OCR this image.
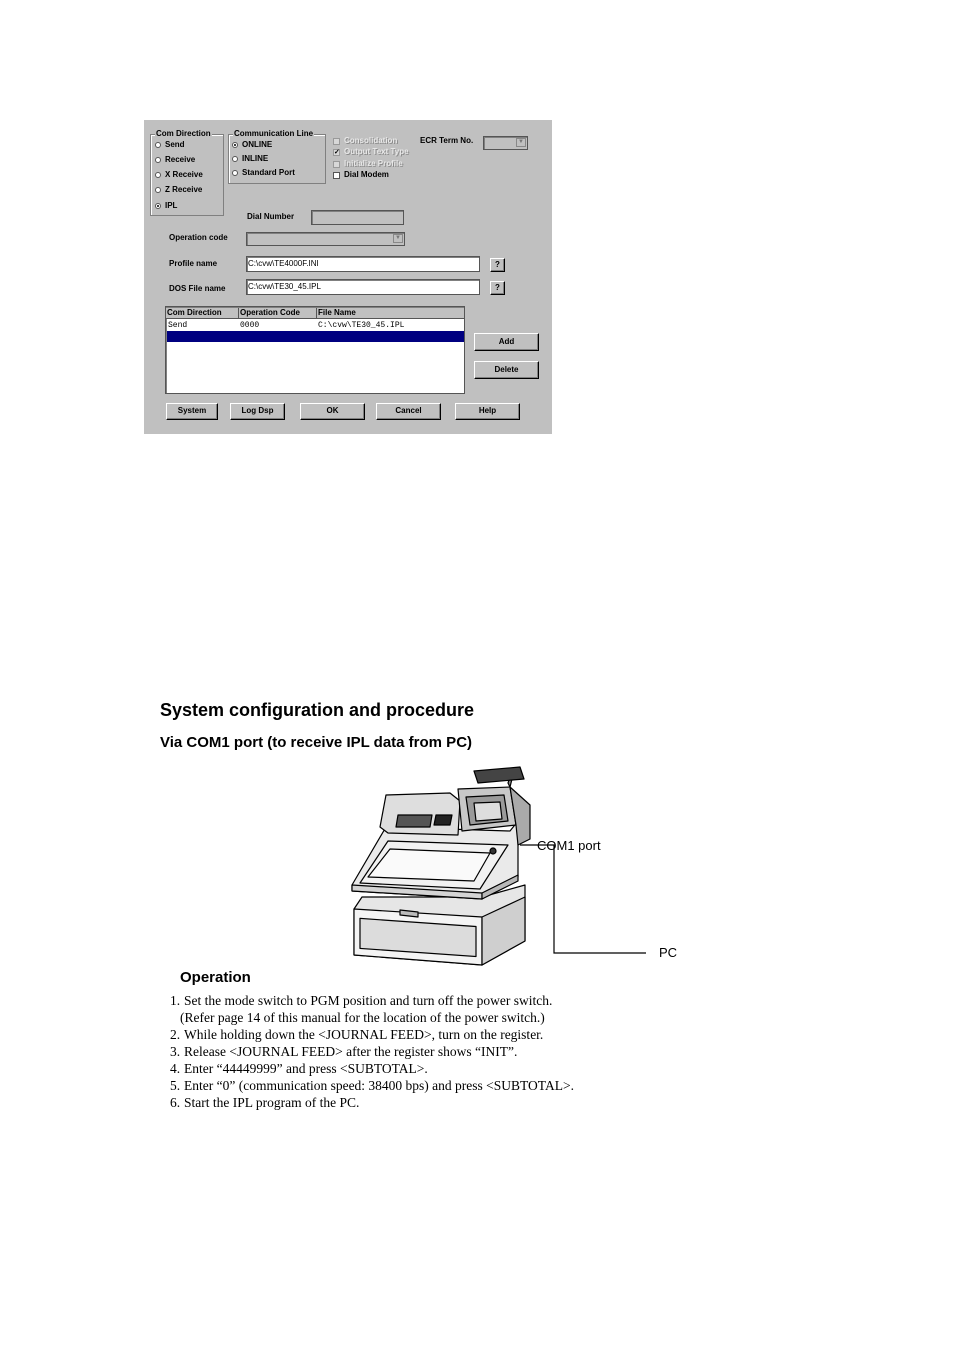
Com Direction
Send
Receive
X Receive
Z Receive
IPL
Communication Line
ONLINE
INLINE
Standard Port
Consolidation
✓ Output Text Type
Initialize Profile
Dial Modem
ECR Term No.	▼
Dial Number
Operation code	▼
Profile name	C:\cvw\TE4000F.INI	?
DOS File name	C:\cvw\TE30_45.IPL	?
Com Direction	Operation Code	File Name
Send	0000	C:\cvw\TE30_45.IPL
Add
Delete
System	Log Dsp	OK	Cancel	Help
System configuration and procedure
Via COM1 port (to receive IPL data from PC)
COM1 port
PC
Operation
1. Set the mode switch to PGM position and turn off the power switch.
(Refer page 14 of this manual for the location of the power switch.)
2. While holding down the <JOURNAL FEED>, turn on the register.
3. Release <JOURNAL FEED> after the register shows “INIT”.
4. Enter “44449999” and press <SUBTOTAL>.
5. Enter “0” (communication speed: 38400 bps) and press <SUBTOTAL>.
6. Start the IPL program of the PC.
